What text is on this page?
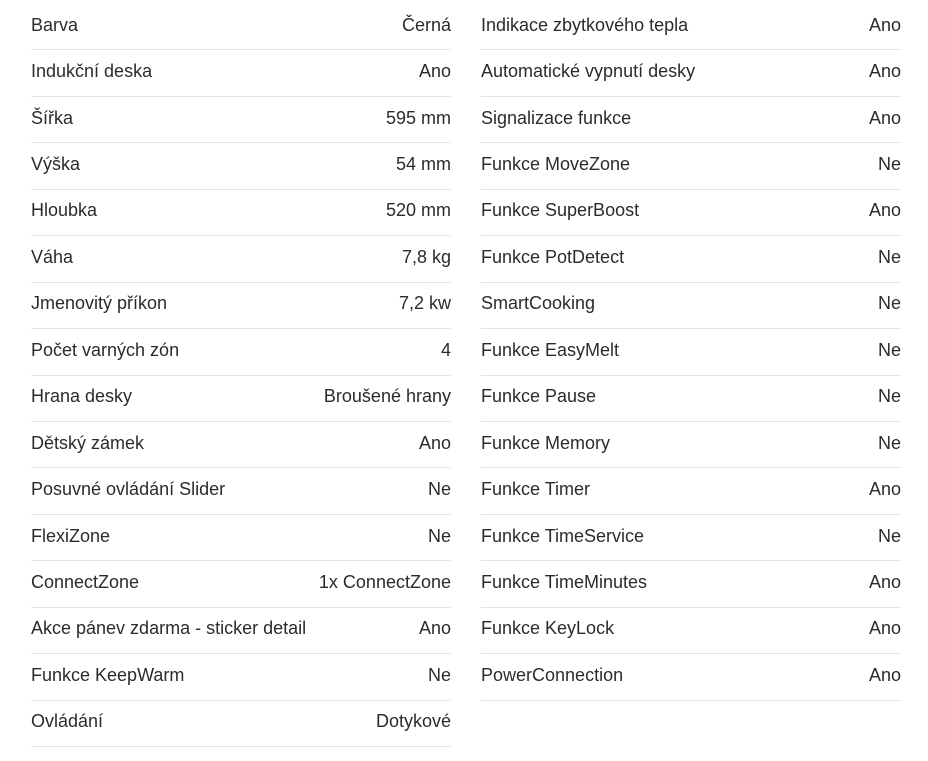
Barva	Černá
Indukční deska	Ano
Šířka	595 mm
Výška	54 mm
Hloubka	520 mm
Váha	7,8 kg
Jmenovitý příkon	7,2 kw
Počet varných zón	4
Hrana desky	Broušené hrany
Dětský zámek	Ano
Posuvné ovládání Slider	Ne
FlexiZone	Ne
ConnectZone	1x ConnectZone
Akce pánev zdarma - sticker detail	Ano
Funkce KeepWarm	Ne
Ovládání	Dotykové
Indikace zbytkového tepla	Ano
Automatické vypnutí desky	Ano
Signalizace funkce	Ano
Funkce MoveZone	Ne
Funkce SuperBoost	Ano
Funkce PotDetect	Ne
SmartCooking	Ne
Funkce EasyMelt	Ne
Funkce Pause	Ne
Funkce Memory	Ne
Funkce Timer	Ano
Funkce TimeService	Ne
Funkce TimeMinutes	Ano
Funkce KeyLock	Ano
PowerConnection	Ano
